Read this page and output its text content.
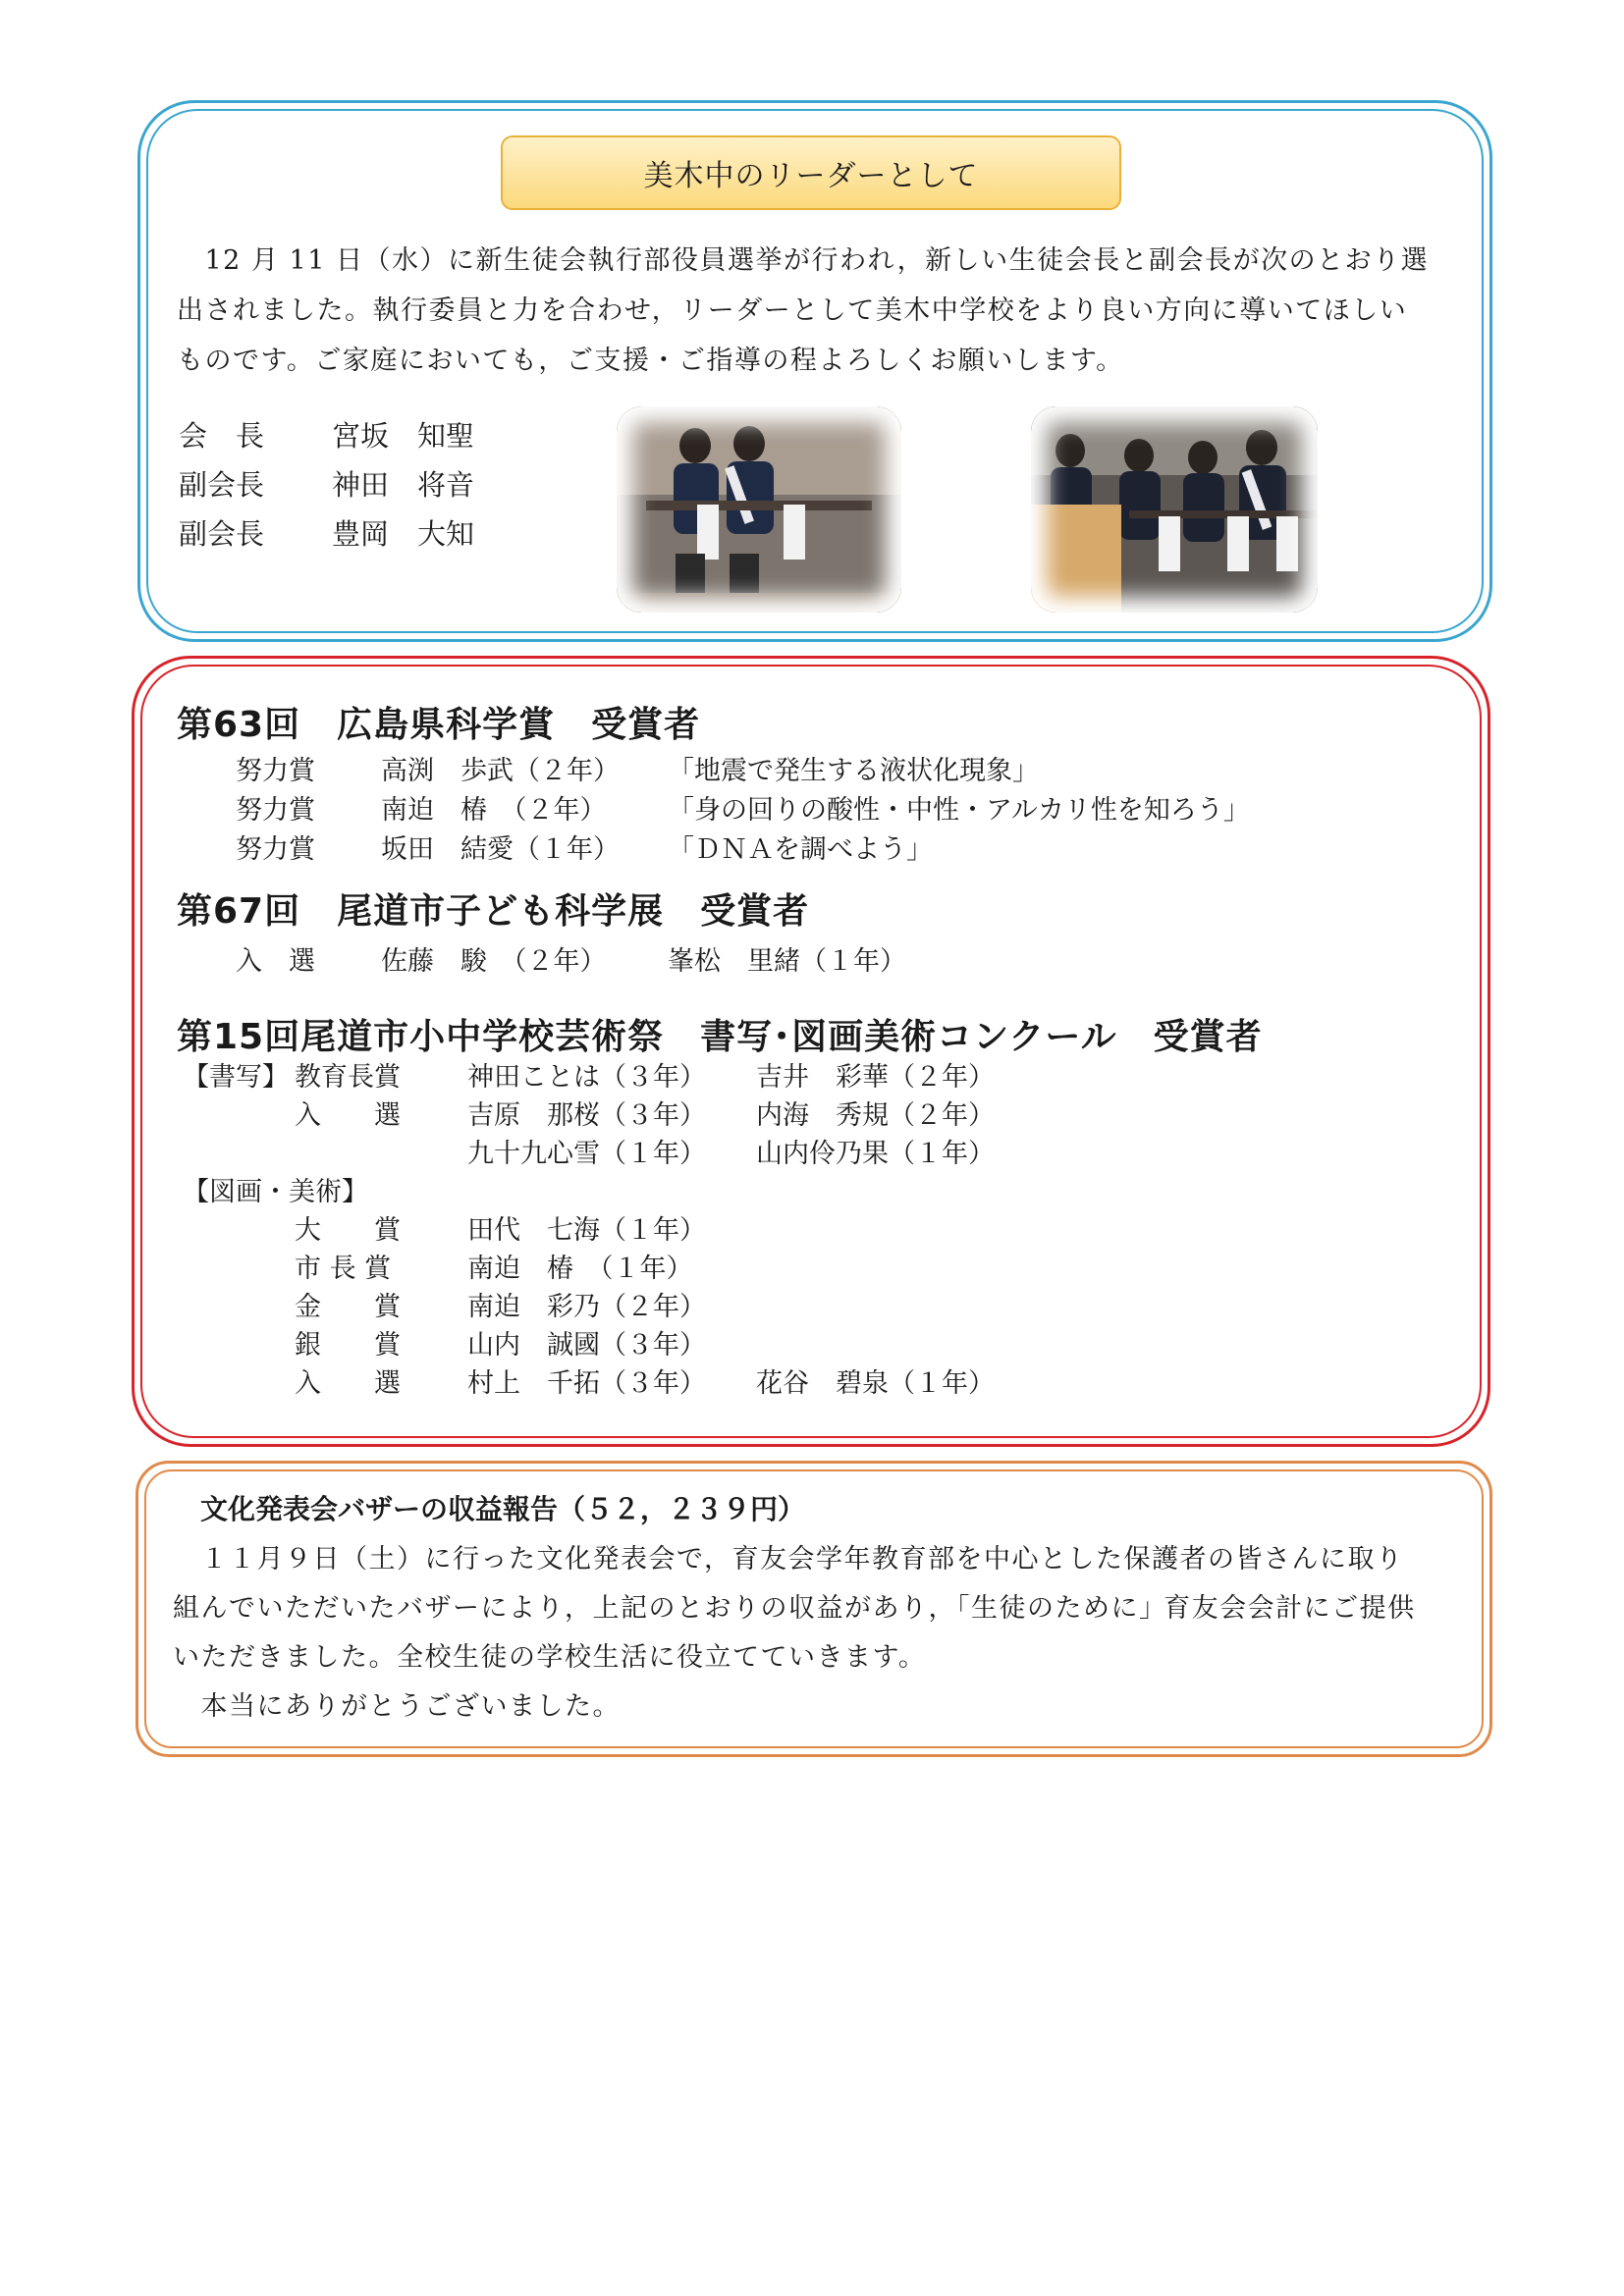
美木中のリーダーとして

　12 月 11 日（水）に新生徒会執行部役員選挙が行われ，新しい生徒会長と副会長が次のとおり選

出されました。執行委員と力を合わせ，リーダーとして美木中学校をより良い方向に導いてほしい

ものです。ご家庭においても，ご支援・ご指導の程よろしくお願いします。

会　長 宮坂　知聖
副会長 神田　将音
副会長 豊岡　大知
第63回　広島県科学賞　受賞者
努力賞 高渕　歩武（２年） 「地震で発生する液状化現象」
努力賞 南迫　椿　（２年） 「身の回りの酸性・中性・アルカリ性を知ろう」
努力賞 坂田　結愛（１年） 「ＤＮＡを調べよう」
第67回　尾道市子ども科学展　受賞者
入　選 佐藤　駿　（２年） 峯松　里緒（１年）
第15回尾道市小中学校芸術祭　書写･図画美術コンクール　受賞者
【書写】 教育長賞	神田ことは（３年） 吉井　彩華（２年）
入　　選	吉原　那桜（３年） 内海　秀規（２年）
九十九心雪（１年） 山内伶乃果（１年）
【図画・美術】
大　　賞	田代　七海（１年）
市 長 賞	南迫　椿　（１年）
金　　賞	南迫　彩乃（２年）
銀　　賞	山内　誠國（３年）
入　　選	村上　千拓（３年） 花谷　碧泉（１年）
文化発表会バザーの収益報告（５２，２３９円）

　１１月９日（土）に行った文化発表会で，育友会学年教育部を中心とした保護者の皆さんに取り

組んでいただいたバザーにより，上記のとおりの収益があり，｢生徒のために｣ 育友会会計にご提供

いただきました。全校生徒の学校生活に役立てていきます。

　本当にありがとうございました。
